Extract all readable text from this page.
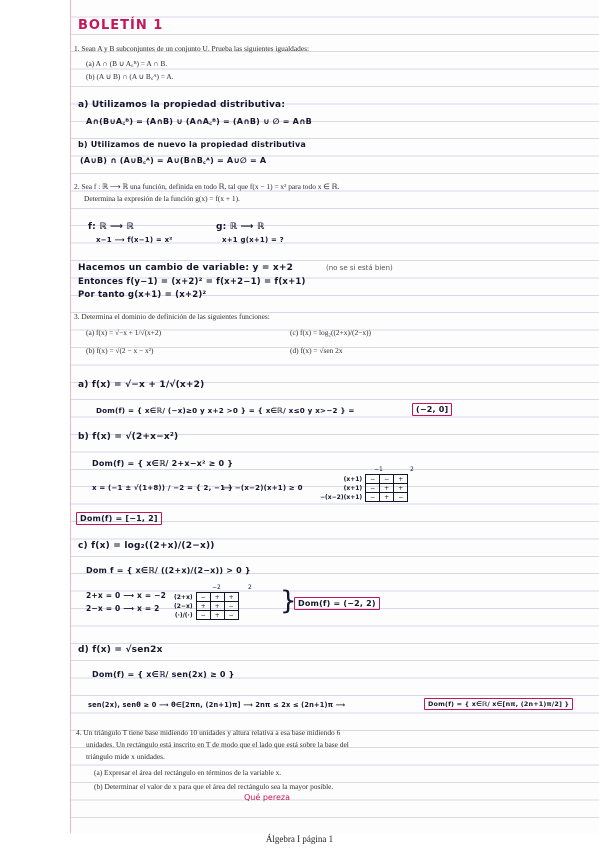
BOLETÍN 1
1. Sean A y B subconjuntes de un conjunto U. Prueba las siguientes igualdades:
(a) A ∩ (B ∪ A꜀ᴮ) = A ∩ B.
(b) (A ∪ B) ∩ (A ∪ B꜀ᴬ) = A.
a) Utilizamos la propiedad distributiva:
A∩(B∪A꜀ᴮ) = (A∩B) ∪ (A∩A꜀ᴮ) = (A∩B) ∪ ∅ = A∩B
b) Utilizamos de nuevo la propiedad distributiva
(A∪B) ∩ (A∪B꜀ᴬ) = A∪(B∩B꜀ᴬ) = A∪∅ = A
2. Sea f : ℝ ⟶ ℝ una función, definida en todo ℝ, tal que f(x − 1) = x² para todo x ∈ ℝ.
Determina la expresión de la función g(x) = f(x + 1).
f: ℝ ⟶ ℝ
x−1 ⟶ f(x−1) = x²
g: ℝ ⟶ ℝ
x+1 g(x+1) = ?
Hacemos un cambio de variable: y = x+2	(no se si está bien)
Entonces f(y−1) = (x+2)² = f(x+2−1) = f(x+1)
Por tanto g(x+1) = (x+2)²
3. Determina el dominio de definición de las siguientes funciones:
(a) f(x) = √−x + 1/√(x+2)
(b) f(x) = √(2 − x − x²)
(c) f(x) = log₂((2+x)/(2−x))
(d) f(x) = √sen 2x
a) f(x) = √−x + 1/√(x+2)
Dom(f) = { x∈ℝ/ (−x)≥0 y x+2 >0 } = { x∈ℝ/ x≤0 y x>−2 } =	(−2, 0]
b) f(x) = √(2+x−x²)
Dom(f) = { x∈ℝ/ 2+x−x² ≥ 0 }
x = (−1 ± √(1+8)) / −2 = { 2, −1 }
⟶ −(x−2)(x+1) ≥ 0
−1	2
(x+1)	−	−	+
(x+1)	−	+	+
−(x−2)(x+1)	−	+	−
Dom(f) = [−1, 2]
c) f(x) = log₂((2+x)/(2−x))
Dom f = { x∈ℝ/ ((2+x)/(2−x)) > 0 }
2+x = 0 ⟶ x = −2
2−x = 0 ⟶ x = 2
−2	2
(2+x)	−	+	+
(2−x)	+	+	−
(·)/(·)	−	+	− } Dom(f) = (−2, 2)
d) f(x) = √sen2x
Dom(f) = { x∈ℝ/ sen(2x) ≥ 0 }
sen(2x), senθ ≥ 0 ⟶ θ∈[2πn, (2n+1)π] ⟶ 2nπ ≤ 2x ≤ (2n+1)π ⟶	Dom(f) = { x∈ℝ/ x∈[nπ, (2n+1)π/2] }
4. Un triángulo T tiene base midiendo 10 unidades y altura relativa a esa base midiendo 6
unidades. Un rectángulo está inscrito en T de modo que el lado que está sobre la base del
triángulo mide x unidades.
(a) Expresar el área del rectángulo en términos de la variable x.
(b) Determinar el valor de x para que el área del rectángulo sea la mayor posible.
Qué pereza
Álgebra I página 1
